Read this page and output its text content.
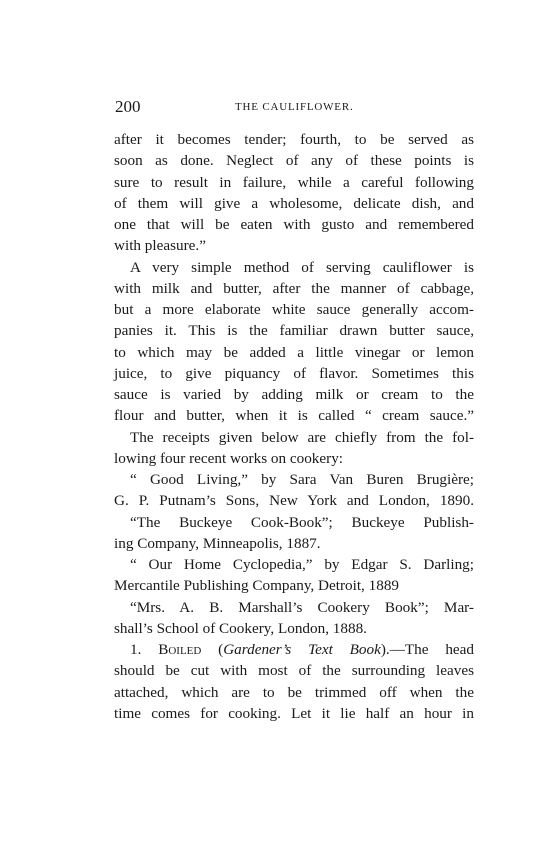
200	THE CAULIFLOWER.
after it becomes tender; fourth, to be served as
soon as done. Neglect of any of these points is
sure to result in failure, while a careful following
of them will give a wholesome, delicate dish, and
one that will be eaten with gusto and remembered
with pleasure.”
A very simple method of serving cauliflower is
with milk and butter, after the manner of cabbage,
but a more elaborate white sauce generally accom-
panies it. This is the familiar drawn butter sauce,
to which may be added a little vinegar or lemon
juice, to give piquancy of flavor. Sometimes this
sauce is varied by adding milk or cream to the
flour and butter, when it is called “ cream sauce.”
The receipts given below are chiefly from the fol-
lowing four recent works on cookery:
“ Good Living,” by Sara Van Buren Brugière;
G. P. Putnam’s Sons, New York and London, 1890.
“The Buckeye Cook-Book”; Buckeye Publish-
ing Company, Minneapolis, 1887.
“ Our Home Cyclopedia,” by Edgar S. Darling;
Mercantile Publishing Company, Detroit, 1889
“Mrs. A. B. Marshall’s Cookery Book”; Mar-
shall’s School of Cookery, London, 1888.
1. Boiled (Gardener’s Text Book).—The head
should be cut with most of the surrounding leaves
attached, which are to be trimmed off when the
time comes for cooking. Let it lie half an hour in
